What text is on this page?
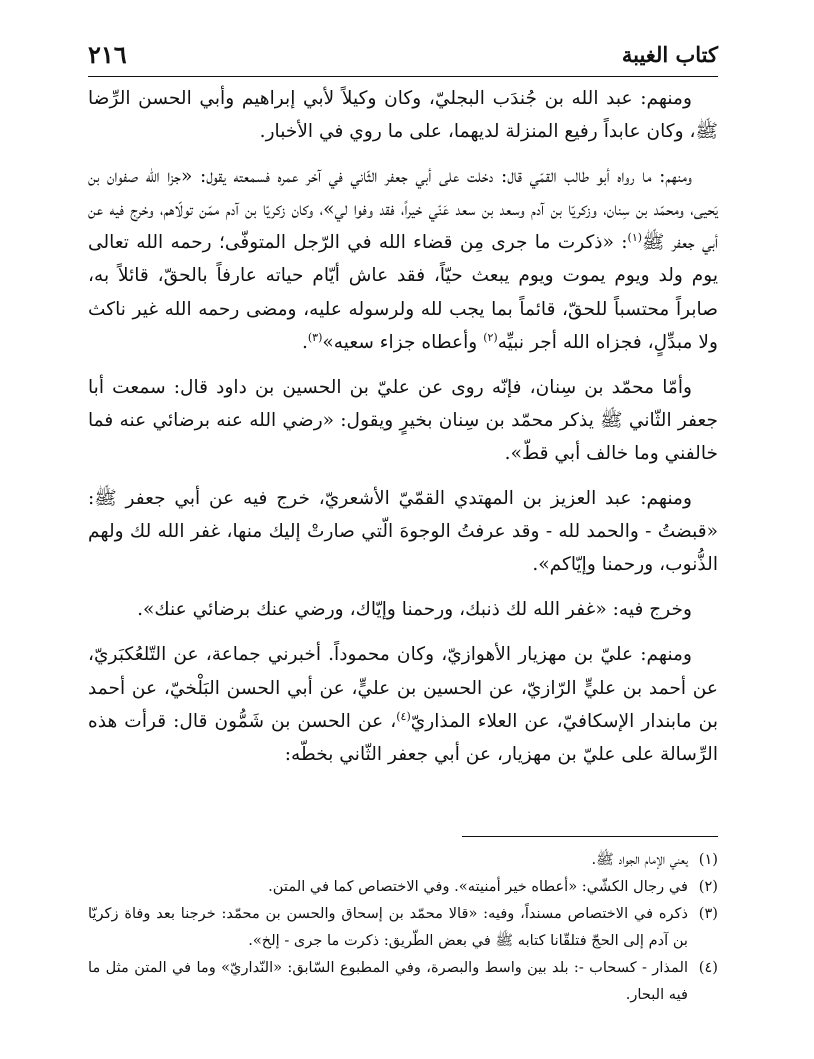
كتاب الغيبة
٢١٦

ومنهم: عبد الله بن جُندَب البجليّ، وكان وكيلاً لأبي إبراهيم وأبي الحسن الرِّضا ﷺ، وكان عابداً رفيع المنزلة لديهما، على ما روي في الأخبار.

ومنهم: ما رواه أبو طالب القمّي قال: دخلت على أبي جعفر الثّاني في آخر عمره فسمعته يقول: «جزا الله صفوان بن يَحيى، ومحمّد بن سِنان، وزكريّا بن آدم وسعد بن سعد عَنّي خيراً، فقد وفوا لي»، وكان زكريّا بن آدم ممّن تولّاهم، وخرج فيه عن أبي جعفر ﷺ$^{(١)}$: «ذكرت ما جرى مِن قضاء الله في الرّجل المتوفّى؛ رحمه الله تعالى يوم ولد ويوم يموت ويوم يبعث حيّاً، فقد عاش أيّام حياته عارفاً بالحقّ، قائلاً به، صابراً محتسباً للحقّ، قائماً بما يجب لله ولرسوله عليه، ومضى رحمه الله غير ناكث ولا مبدِّلٍ، فجزاه الله أجر نبيِّه$^{(٢)}$ وأعطاه جزاء سعيه»$^{(٣)}$.

وأمّا محمّد بن سِنان، فإنّه روى عن عليّ بن الحسين بن داود قال: سمعت أبا جعفر الثّاني ﷺ يذكر محمّد بن سِنان بخيرٍ ويقول: «رضي الله عنه برضائي عنه فما خالفني وما خالف أبي قطّ».

ومنهم: عبد العزيز بن المهتدي القمّيّ الأشعريّ، خرج فيه عن أبي جعفر ﷺ: «قبضتُ - والحمد لله - وقد عرفتُ الوجوهَ الّتي صارتْ إليك منها، غفر الله لك ولهم الذُّنوب، ورحمنا وإيّاكم».

وخرج فيه: «غفر الله لك ذنبك، ورحمنا وإيّاك، ورضي عنك برضائي عنك».

ومنهم: عليّ بن مهزيار الأهوازيّ، وكان محموداً. أخبرني جماعة، عن التّلعُكبَريّ، عن أحمد بن عليٍّ الرّازيّ، عن الحسين بن عليٍّ، عن أبي الحسن البَلْخيّ، عن أحمد بن مابندار الإسكافيّ، عن العلاء المذاريّ$^{(٤)}$، عن الحسن بن شَمُّون قال: قرأت هذه الرِّسالة على عليّ بن مهزيار، عن أبي جعفر الثّاني بخطّه:

(١)
يعني الإمام الجواد ﷺ.
(٢)
في رجال الكشّي: «أعطاه خير أمنيته». وفي الاختصاص كما في المتن.
(٣)
ذكره في الاختصاص مسنداً، وفيه: «قالا محمّد بن إسحاق والحسن بن محمّد: خرجنا بعد وفاة زكريّا بن آدم إلى الحجّ فتلقّانا كتابه ﷺ في بعض الطّريق: ذكرت ما جرى - إلخ».
(٤)
المذار - كسحاب -: بلد بين واسط والبصرة، وفي المطبوع السّابق: «النّداريّ» وما في المتن مثل ما فيه البحار.
